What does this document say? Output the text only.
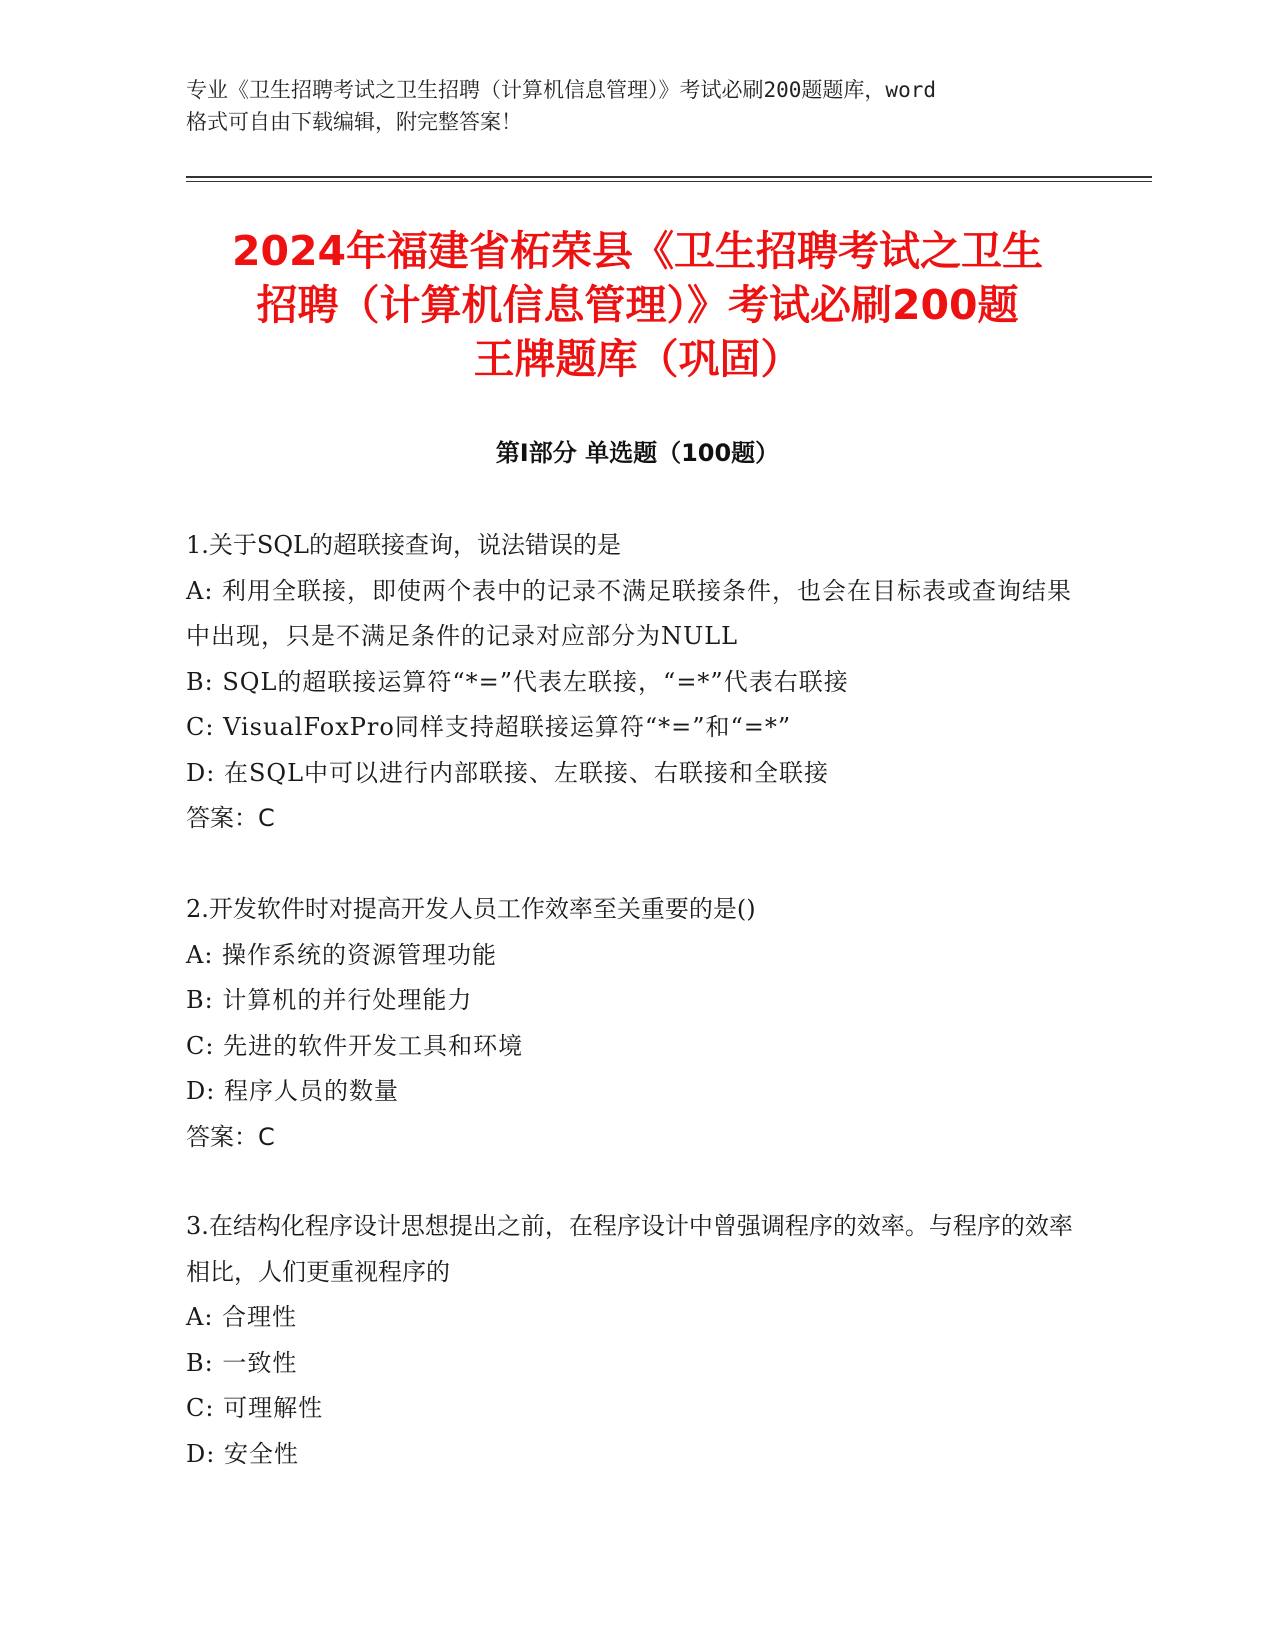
专业《卫生招聘考试之卫生招聘（计算机信息管理）》考试必刷200题题库，word
格式可自由下载编辑，附完整答案！
2024年福建省柘荣县《卫生招聘考试之卫生
招聘（计算机信息管理）》考试必刷200题
王牌题库（巩固）
第Ⅰ部分 单选题（100题）

1.关于SQL的超联接查询，说法错误的是

A: 利用全联接，即使两个表中的记录不满足联接条件，也会在目标表或查询结果中出现，只是不满足条件的记录对应部分为NULL

B: SQL的超联接运算符“*=”代表左联接，“=*”代表右联接

C: VisualFoxPro同样支持超联接运算符“*=”和“=*”

D: 在SQL中可以进行内部联接、左联接、右联接和全联接

答案：C

2.开发软件时对提高开发人员工作效率至关重要的是()

A: 操作系统的资源管理功能

B: 计算机的并行处理能力

C: 先进的软件开发工具和环境

D: 程序人员的数量

答案：C

3.在结构化程序设计思想提出之前，在程序设计中曾强调程序的效率。与程序的效率相比，人们更重视程序的

A: 合理性

B: 一致性

C: 可理解性

D: 安全性
